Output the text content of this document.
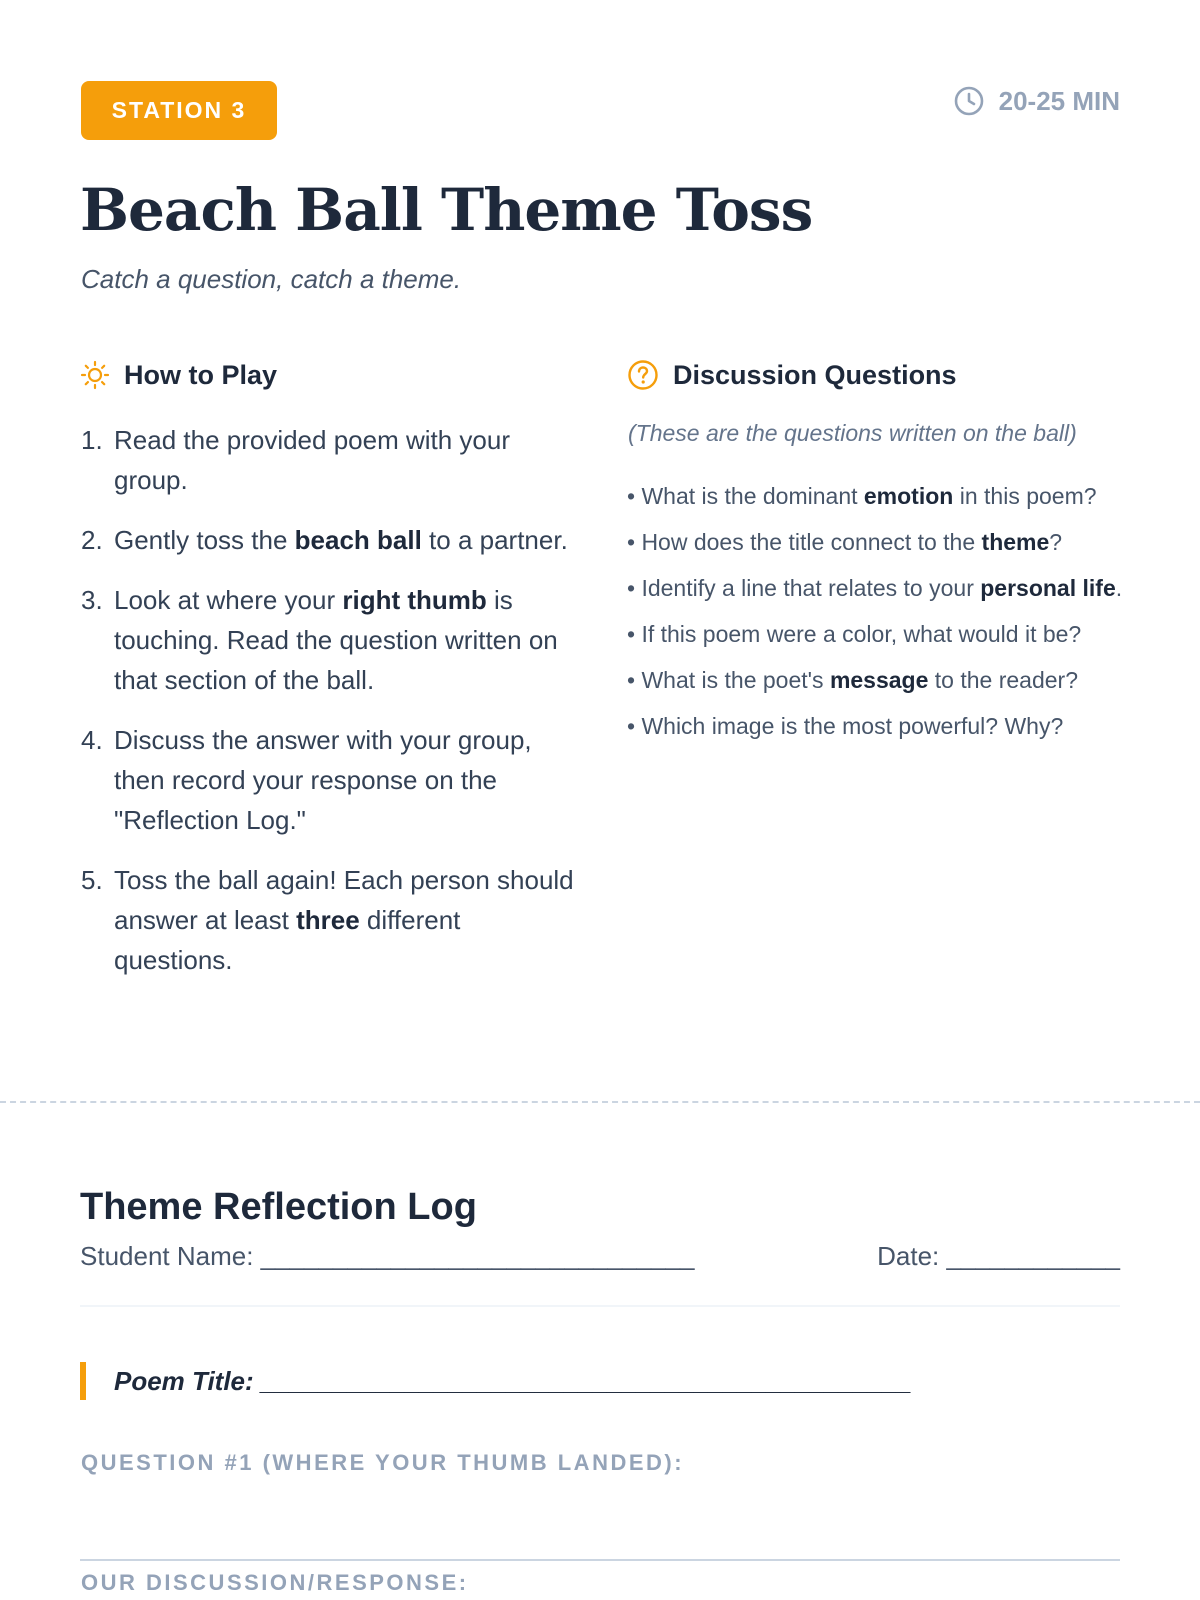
STATION 3	20-25 MIN
Beach Ball Theme Toss
Catch a question, catch a theme.
How to Play
1. Read the provided poem with your group.
2. Gently toss the beach ball to a partner.
3. Look at where your right thumb is touching. Read the question written on that section of the ball.
4. Discuss the answer with your group, then record your response on the "Reflection Log."
5. Toss the ball again! Each person should answer at least three different questions.
Discussion Questions
(These are the questions written on the ball)
• What is the dominant emotion in this poem?
• How does the title connect to the theme?
• Identify a line that relates to your personal life.
• If this poem were a color, what would it be?
• What is the poet's message to the reader?
• Which image is the most powerful? Why?
Theme Reflection Log
Student Name: ______________________________	Date: ____________
Poem Title: _____________________________________________
QUESTION #1 (WHERE YOUR THUMB LANDED):
OUR DISCUSSION/RESPONSE:
